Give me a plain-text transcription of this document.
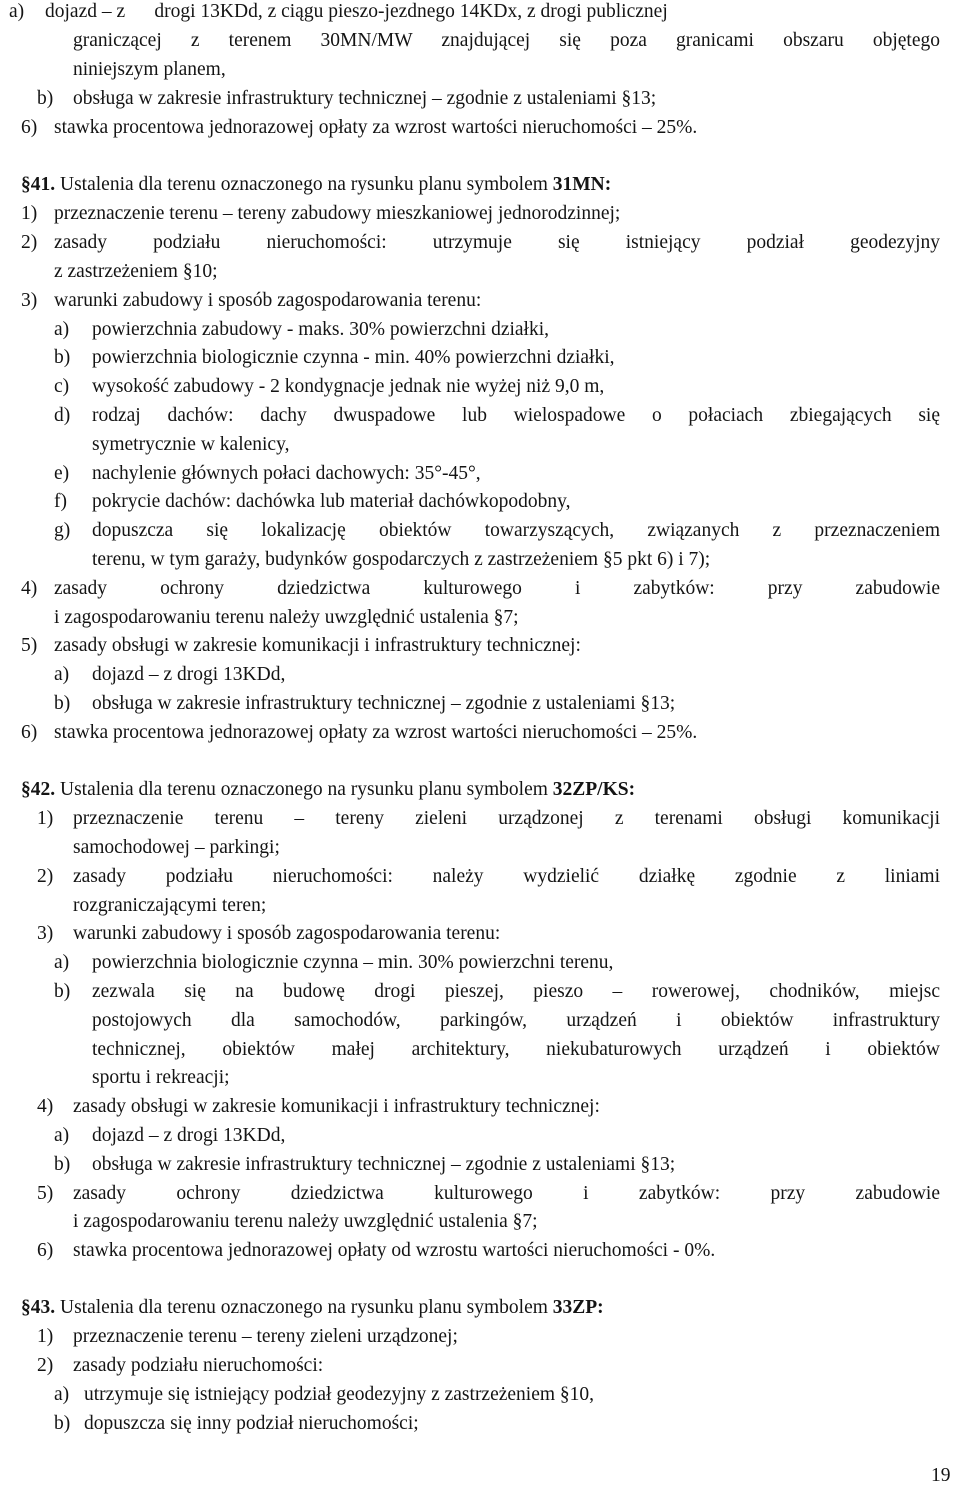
a) dojazd – z      drogi 13KDd, z ciągu pieszo-jezdnego 14KDx, z drogi publicznej
graniczącej z terenem 30MN/MW znajdującej się poza granicami obszaru objętego
niniejszym planem,
b) obsługa w zakresie infrastruktury technicznej – zgodnie z ustaleniami §13;
6) stawka procentowa jednorazowej opłaty za wzrost wartości nieruchomości – 25%.
§41. Ustalenia dla terenu oznaczonego na rysunku planu symbolem 31MN:
1) przeznaczenie terenu – tereny zabudowy mieszkaniowej jednorodzinnej;
2) zasady podziału nieruchomości: utrzymuje się istniejący podział geodezyjny
z zastrzeżeniem §10;
3) warunki zabudowy i sposób zagospodarowania terenu:
a) powierzchnia zabudowy - maks. 30% powierzchni działki,
b) powierzchnia biologicznie czynna - min. 40% powierzchni działki,
c) wysokość zabudowy - 2 kondygnacje jednak nie wyżej niż 9,0 m,
d)	rodzaj dachów: dachy dwuspadowe lub wielospadowe o połaciach zbiegających się
symetrycznie w kalenicy,
e) nachylenie głównych połaci dachowych: 35°-45°,
f) pokrycie dachów: dachówka lub materiał dachówkopodobny,
g)	dopuszcza się lokalizację obiektów towarzyszących, związanych z przeznaczeniem
terenu, w tym garaży, budynków gospodarczych z zastrzeżeniem §5 pkt 6) i 7);
4) zasady ochrony dziedzictwa kulturowego i zabytków: przy zabudowie
i zagospodarowaniu terenu należy uwzględnić ustalenia §7;
5) zasady obsługi w zakresie komunikacji i infrastruktury technicznej:
a) dojazd – z drogi 13KDd,
b) obsługa w zakresie infrastruktury technicznej – zgodnie z ustaleniami §13;
6) stawka procentowa jednorazowej opłaty za wzrost wartości nieruchomości – 25%.
§42. Ustalenia dla terenu oznaczonego na rysunku planu symbolem 32ZP/KS:
1)	przeznaczenie terenu – tereny zieleni urządzonej z terenami obsługi komunikacji
samochodowej – parkingi;
2)	zasady podziału nieruchomości: należy wydzielić działkę zgodnie z liniami
rozgraniczającymi teren;
3) warunki zabudowy i sposób zagospodarowania terenu:
a) powierzchnia biologicznie czynna – min. 30% powierzchni terenu,
b)	zezwala się na budowę drogi pieszej, pieszo – rowerowej, chodników, miejsc
postojowych dla samochodów, parkingów, urządzeń i obiektów infrastruktury
technicznej, obiektów małej architektury, niekubaturowych urządzeń i obiektów
sportu i rekreacji;
4) zasady obsługi w zakresie komunikacji i infrastruktury technicznej:
a) dojazd – z drogi 13KDd,
b) obsługa w zakresie infrastruktury technicznej – zgodnie z ustaleniami §13;
5)	zasady ochrony dziedzictwa kulturowego i zabytków: przy zabudowie
i zagospodarowaniu terenu należy uwzględnić ustalenia §7;
6) stawka procentowa jednorazowej opłaty od wzrostu wartości nieruchomości - 0%.
§43. Ustalenia dla terenu oznaczonego na rysunku planu symbolem 33ZP:
1) przeznaczenie terenu – tereny zieleni urządzonej;
2) zasady podziału nieruchomości:
a) utrzymuje się istniejący podział geodezyjny z zastrzeżeniem §10,
b) dopuszcza się inny podział nieruchomości;
19
